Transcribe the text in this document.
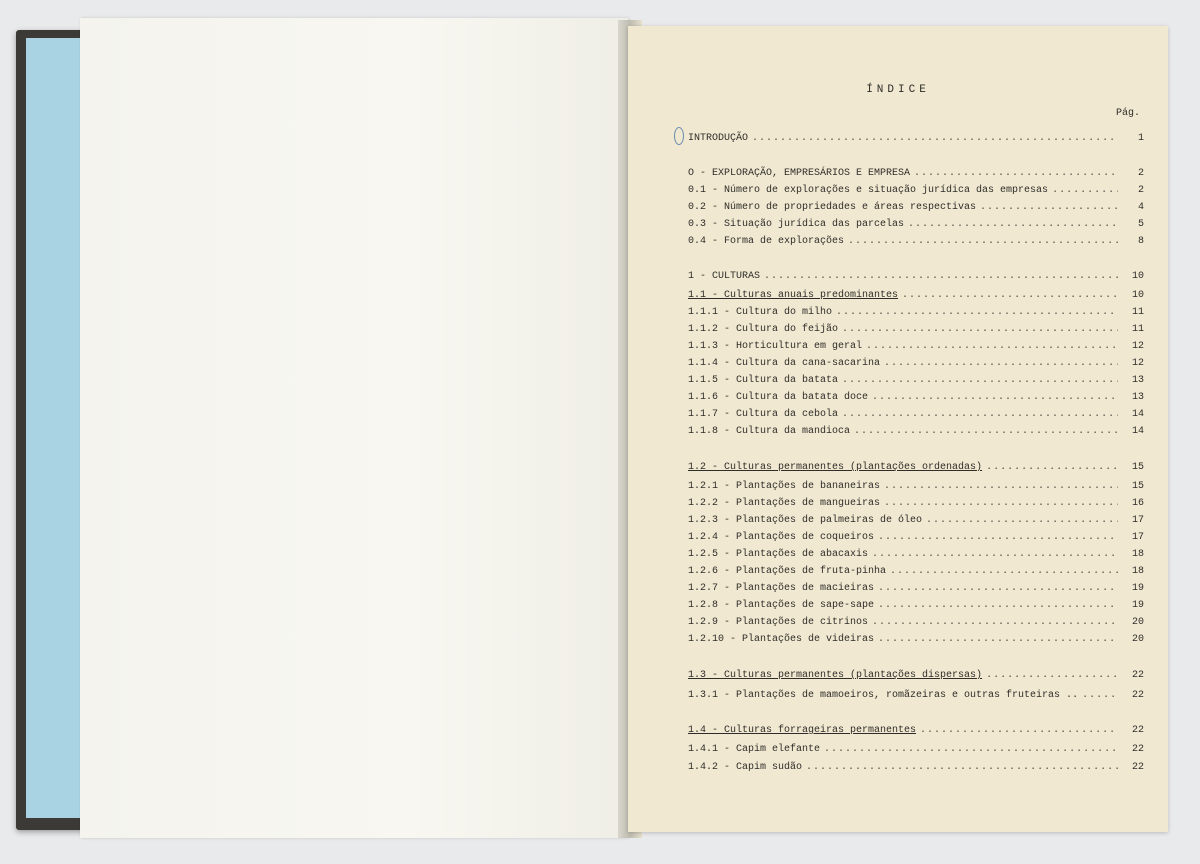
ÍNDICE
Pág.
INTRODUÇÃO .....	1
O - EXPLORAÇÃO, EMPRESÁRIOS E EMPRESA .....	2
0.1 - Número de explorações e situação jurídica das empresas .....	2
0.2 - Número de propriedades e áreas respectivas .....	4
0.3 - Situação jurídica das parcelas .....	5
0.4 - Forma de explorações .....	8
1 - CULTURAS .....	10
1.1 - Culturas anuais predominantes .....	10
1.1.1 - Cultura do milho .....	11
1.1.2 - Cultura do feijão .....	11
1.1.3 - Horticultura em geral .....	12
1.1.4 - Cultura da cana-sacarina .....	12
1.1.5 - Cultura da batata .....	13
1.1.6 - Cultura da batata doce .....	13
1.1.7 - Cultura da cebola .....	14
1.1.8 - Cultura da mandioca .....	14
1.2 - Culturas permanentes (plantações ordenadas) .....	15
1.2.1 - Plantações de bananeiras .....	15
1.2.2 - Plantações de mangueiras .....	16
1.2.3 - Plantações de palmeiras de óleo .....	17
1.2.4 - Plantações de coqueiros .....	17
1.2.5 - Plantações de abacaxis .....	18
1.2.6 - Plantações de fruta-pinha .....	18
1.2.7 - Plantações de macieiras .....	19
1.2.8 - Plantações de sape-sape .....	19
1.2.9 - Plantações de citrinos .....	20
1.2.10 - Plantações de videiras .....	20
1.3 - Culturas permanentes (plantações dispersas) .....	22
1.3.1 - Plantações de mamoeiros, romãzeiras e outras fruteiras .. .....	22
1.4 - Culturas forrageiras permanentes .....	22
1.4.1 - Capim elefante .....	22
1.4.2 - Capim sudão .....	22
